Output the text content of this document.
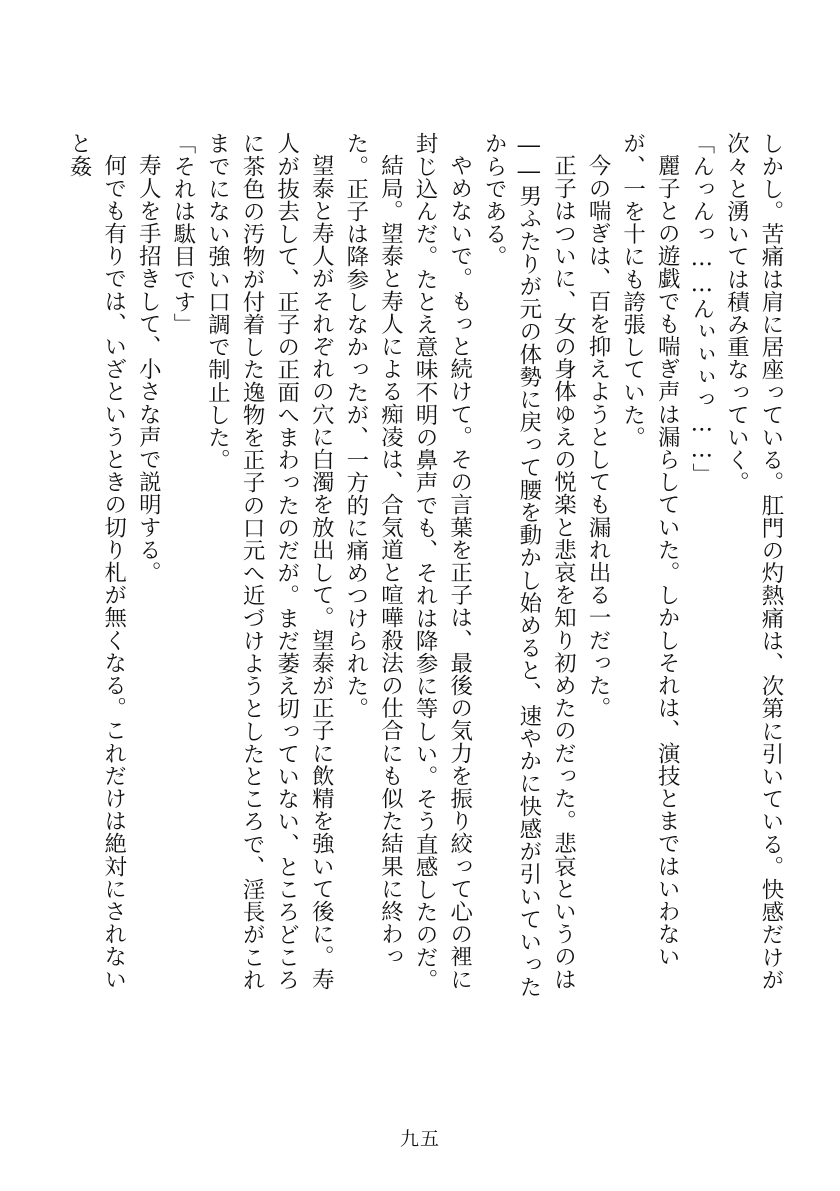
しかし。苦痛は肩に居座っている。肛門の灼熱痛は、次第に引いている。快感だけが次々と湧いては積み重なっていく。

「んっんっ……んぃぃぃっ……」

麗子との遊戯でも喘ぎ声は漏らしていた。しかしそれは、演技とまではいわないが、一を十にも誇張していた。

今の喘ぎは、百を抑えようとしても漏れ出る一だった。

正子はついに、女の身体ゆえの悦楽と悲哀を知り初めたのだった。悲哀というのは――男ふたりが元の体勢に戻って腰を動かし始めると、速やかに快感が引いていったからである。

やめないで。もっと続けて。その言葉を正子は、最後の気力を振り絞って心の裡に封じ込んだ。たとえ意味不明の鼻声でも、それは降参に等しい。そう直感したのだ。

結局。望泰と寿人による痴凌は、合気道と喧嘩殺法の仕合にも似た結果に終わった。正子は降参しなかったが、一方的に痛めつけられた。

望泰と寿人がそれぞれの穴に白濁を放出して。望泰が正子に飲精を強いて後に。寿人が抜去して、正子の正面へまわったのだが。まだ萎え切っていない、ところどころに茶色の汚物が付着した逸物を正子の口元へ近づけようとしたところで、淫長がこれまでにない強い口調で制止した。

「それは駄目です」

寿人を手招きして、小さな声で説明する。

何でも有りでは、いざというときの切り札が無くなる。これだけは絶対にされないと姦

九五
